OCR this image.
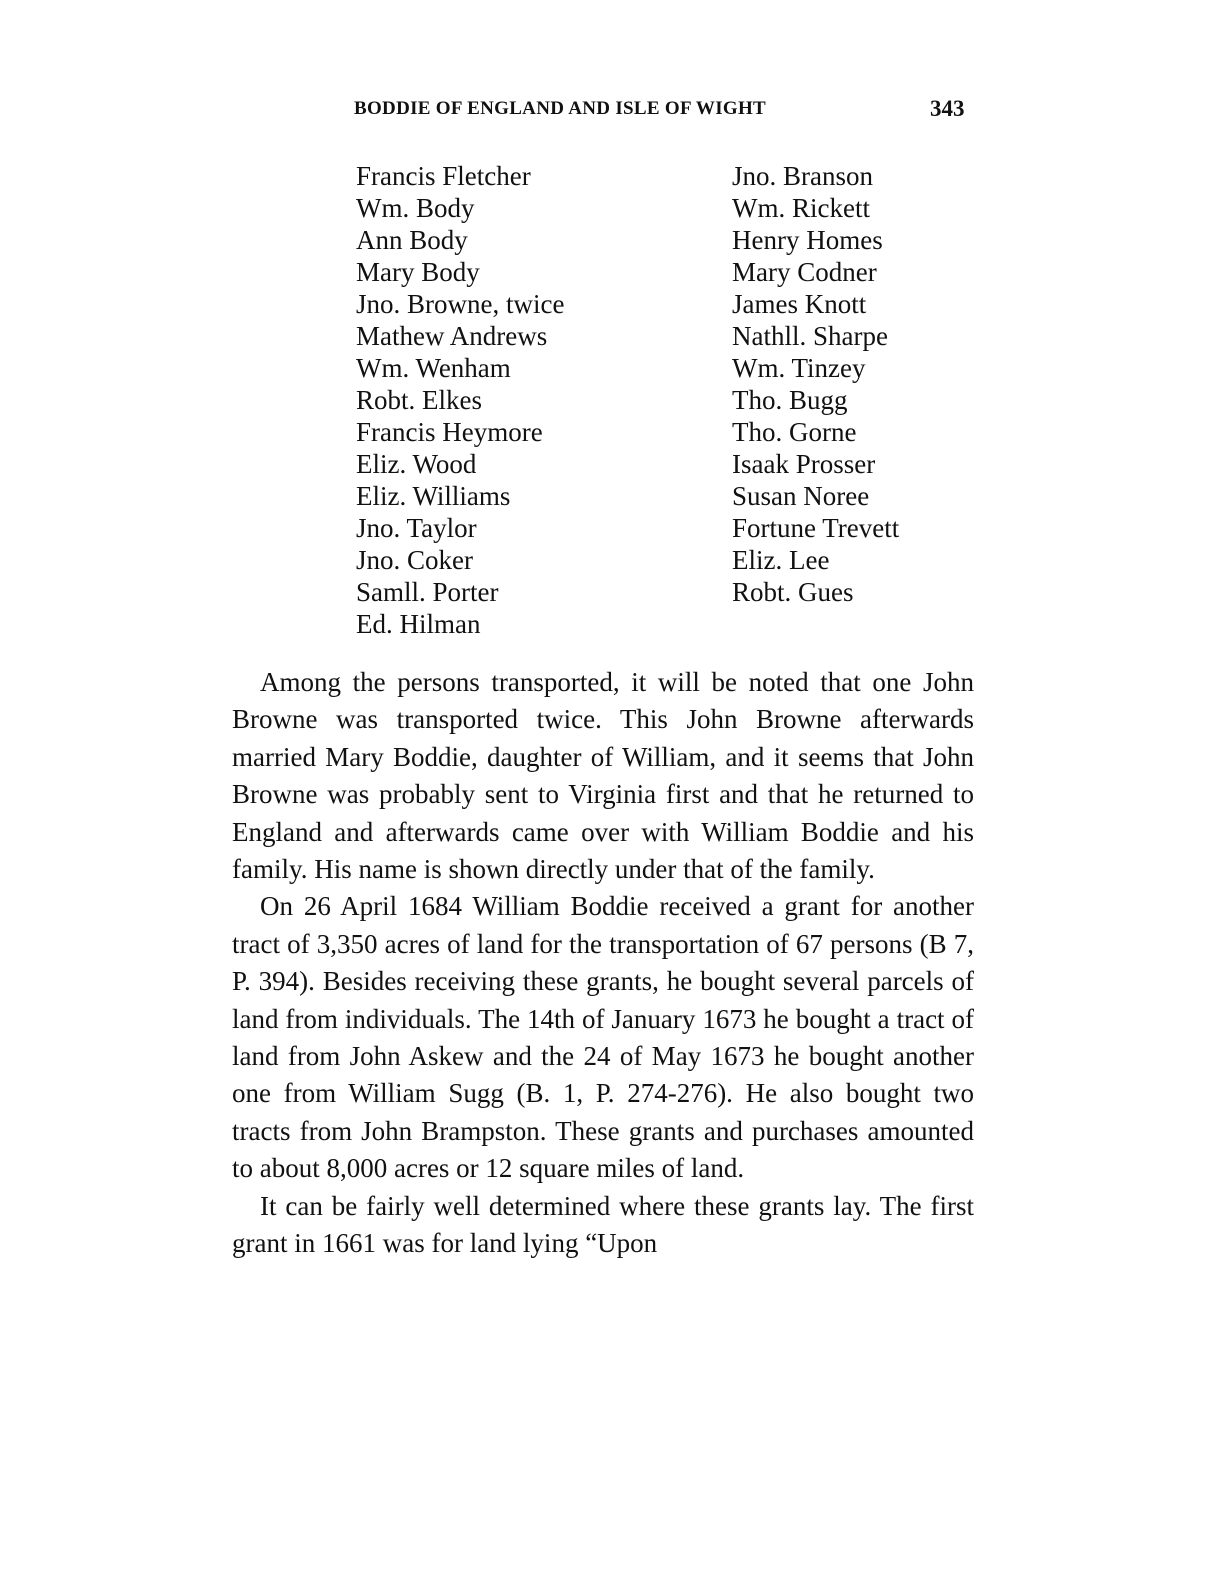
BODDIE OF ENGLAND AND ISLE OF WIGHT	343
Francis Fletcher
Wm. Body
Ann Body
Mary Body
Jno. Browne, twice
Mathew Andrews
Wm. Wenham
Robt. Elkes
Francis Heymore
Eliz. Wood
Eliz. Williams
Jno. Taylor
Jno. Coker
Samll. Porter
Ed. Hilman
Jno. Branson
Wm. Rickett
Henry Homes
Mary Codner
James Knott
Nathll. Sharpe
Wm. Tinzey
Tho. Bugg
Tho. Gorne
Isaak Prosser
Susan Noree
Fortune Trevett
Eliz. Lee
Robt. Gues

Among the persons transported, it will be noted that one John Browne was transported twice. This John Browne afterwards married Mary Boddie, daughter of William, and it seems that John Browne was probably sent to Virginia first and that he returned to England and afterwards came over with William Boddie and his family. His name is shown directly under that of the family.

On 26 April 1684 William Boddie received a grant for another tract of 3,350 acres of land for the transportation of 67 persons (B 7, P. 394). Besides receiving these grants, he bought several parcels of land from individuals. The 14th of January 1673 he bought a tract of land from John Askew and the 24 of May 1673 he bought another one from William Sugg (B. 1, P. 274-276). He also bought two tracts from John Brampston. These grants and purchases amounted to about 8,000 acres or 12 square miles of land.

It can be fairly well determined where these grants lay. The first grant in 1661 was for land lying “Upon
